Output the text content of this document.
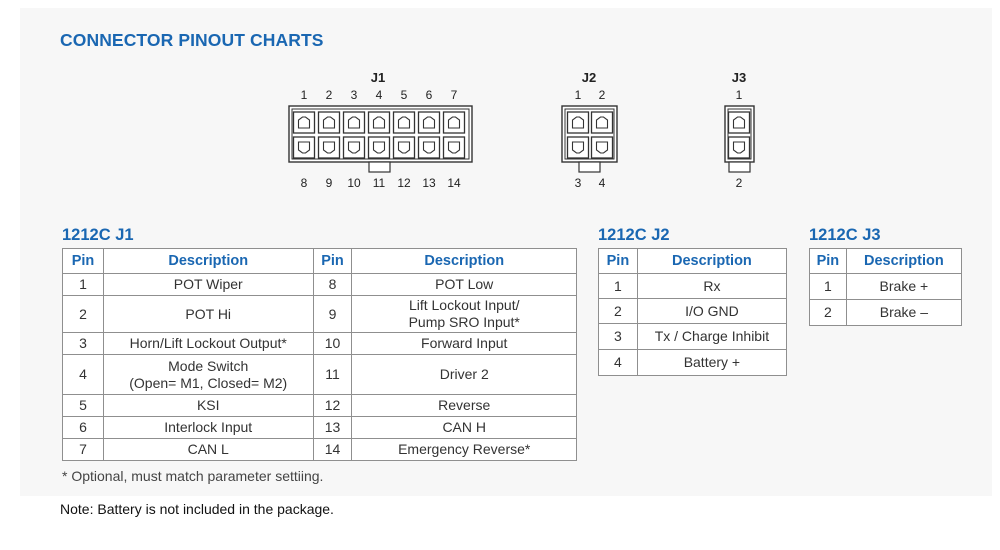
CONNECTOR PINOUT CHARTS
J1
1
8
2
9
3
10
4
11
5
12
6
13
7
14
J2
1
3
2
4
J3
1
2
1212C J1	1212C J2	1212C J3
Pin	Description	Pin	Description
1	POT Wiper	8	POT Low
2	POT Hi	9	Lift Lockout Input/
Pump SRO Input*
3	Horn/Lift Lockout Output*	10	Forward Input
4	Mode Switch
(Open= M1, Closed= M2)	11	Driver 2
5	KSI	12	Reverse
6	Interlock Input	13	CAN H
7	CAN L	14	Emergency Reverse*
Pin	Description
1	Rx
2	I/O GND
3	Tx / Charge Inhibit
4	Battery +
Pin	Description
1	Brake +
2	Brake –
* Optional, must match parameter settiing.
Note: Battery is not included in the package.
